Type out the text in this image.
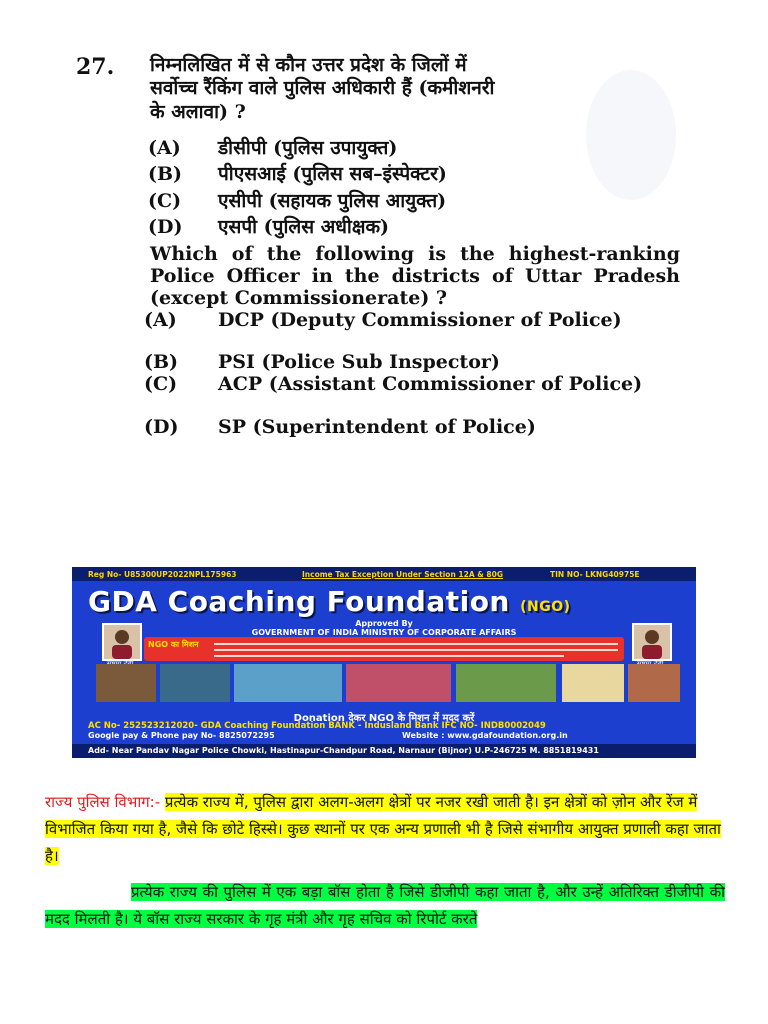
27. निम्नलिखित में से कौन उत्तर प्रदेश के जिलों में
सर्वोच्च रैंकिंग वाले पुलिस अधिकारी हैं (कमीशनरी
के अलावा) ?
(A) डीसीपी (पुलिस उपायुक्त)
(B) पीएसआई (पुलिस सब–इंस्पेक्टर)
(C) एसीपी (सहायक पुलिस आयुक्त)
(D) एसपी (पुलिस अधीक्षक)
Which of the following is the highest-ranking Police Officer in the districts of Uttar Pradesh (except Commissionerate) ?
(A)	DCP (Deputy Commissioner of Police)
(B)	PSI (Police Sub Inspector)
(C)	ACP (Assistant Commissioner of Police)
(D)	SP (Superintendent of Police)
Reg No- U85300UP2022NPL175963	Income Tax Exception Under Section 12A & 80G	TIN NO- LKNG40975E
GDA Coaching Foundation (NGO)
Approved By
GOVERNMENT OF INDIA MINISTRY OF CORPORATE AFFAIRS
NGO का मिशन
Donation देकर NGO के मिशन में मदद करें
AC No- 252523212020- GDA Coaching Foundation BANK - Indusland Bank IFC NO- INDB0002049
Google pay & Phone pay No- 8825072295	Website : www.gdafoundation.org.in
Add- Near Pandav Nagar Police Chowki, Hastinapur-Chandpur Road, Narnaur (Bijnor) U.P-246725 M. 8851819431
राज्य पुलिस विभाग:- प्रत्येक राज्य में, पुलिस द्वारा अलग-अलग क्षेत्रों पर नजर रखी जाती है। इन क्षेत्रों को ज़ोन और रेंज में विभाजित किया गया है, जैसे कि छोटे हिस्से। कुछ स्थानों पर एक अन्य प्रणाली भी है जिसे संभागीय आयुक्त प्रणाली कहा जाता है।
प्रत्येक राज्य की पुलिस में एक बड़ा बॉस होता है जिसे डीजीपी कहा जाता है, और उन्हें अतिरिक्त डीजीपी की मदद मिलती है। ये बॉस राज्य सरकार के गृह मंत्री और गृह सचिव को रिपोर्ट करते
